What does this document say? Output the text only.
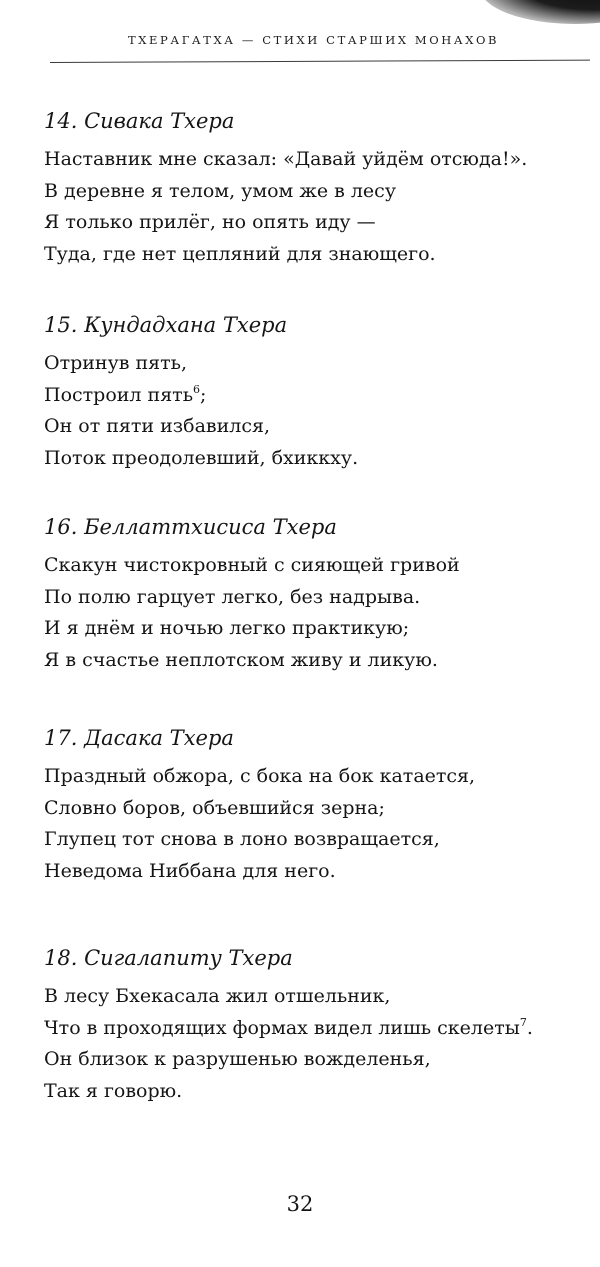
ТХЕРАГАТХА — СТИХИ СТАРШИХ МОНАХОВ
14. Сивака Тхера
Наставник мне сказал: «Давай уйдём отсюда!».
В деревне я телом, умом же в лесу
Я только прилёг, но опять иду —
Туда, где нет цепляний для знающего.
15. Кундадхана Тхера
Отринув пять,
Построил пять$^6$;
Он от пяти избавился,
Поток преодолевший, бхиккху.
16. Беллаттхисиса Тхера
Скакун чистокровный с сияющей гривой
По полю гарцует легко, без надрыва.
И я днём и ночью легко практикую;
Я в счастье неплотском живу и ликую.
17. Дасака Тхера
Праздный обжора, с бока на бок катается,
Словно боров, объевшийся зерна;
Глупец тот снова в лоно возвращается,
Неведома Ниббана для него.
18. Сигалапиту Тхера
В лесу Бхекасала жил отшельник,
Что в проходящих формах видел лишь скелеты$^7$.
Он близок к разрушенью вожделенья,
Так я говорю.
32
